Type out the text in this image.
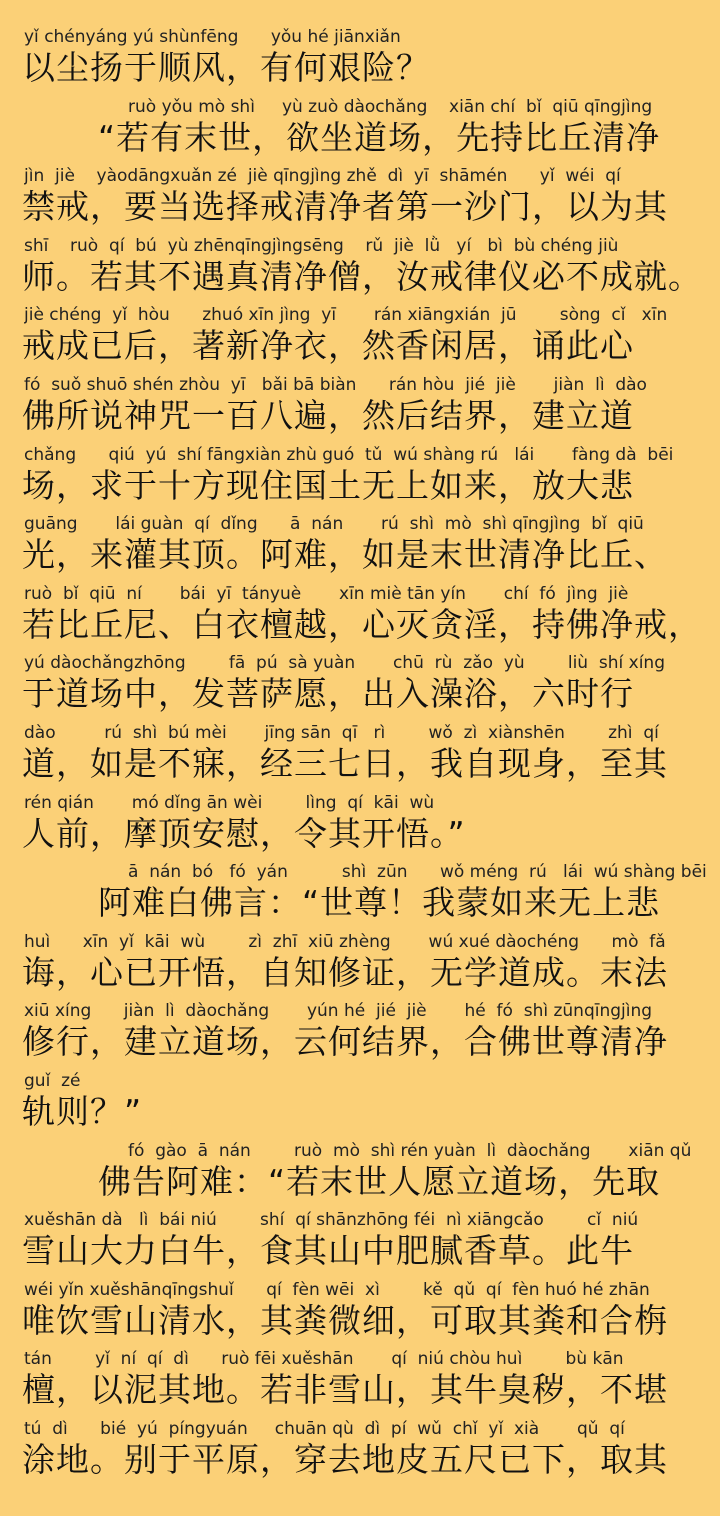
yǐ chényáng yú shùnfēng      yǒu hé jiānxiǎn
以尘扬于顺风，有何艰险？
ruò yǒu mò shì     yù zuò dàochǎng    xiān chí  bǐ  qiū qīngjìng
“若有末世，欲坐道场，先持比丘清净
jìn  jiè    yàodāngxuǎn zé  jiè qīngjìng zhě  dì  yī  shāmén      yǐ  wéi  qí
禁戒，要当选择戒清净者第一沙门，以为其
shī    ruò  qí  bú  yù zhēnqīngjìngsēng    rǔ  jiè  lǜ   yí   bì  bù chéng jiù
师。若其不遇真清净僧，汝戒律仪必不成就。
jiè chéng  yǐ  hòu      zhuó xīn jìng  yī       rán xiāngxián  jū        sòng  cǐ   xīn
戒成已后，著新净衣，然香闲居，诵此心
fó  suǒ shuō shén zhòu  yī   bǎi bā biàn      rán hòu  jié  jiè       jiàn  lì  dào
佛所说神咒一百八遍，然后结界，建立道
chǎng      qiú  yú  shí fāngxiàn zhù guó  tǔ  wú shàng rú   lái       fàng dà  bēi
场，求于十方现住国土无上如来，放大悲
guāng       lái guàn  qí  dǐng      ā  nán       rú  shì  mò  shì qīngjìng  bǐ  qiū
光，来灌其顶。阿难，如是末世清净比丘、
ruò  bǐ  qiū  ní       bái  yī  tányuè       xīn miè tān yín       chí  fó  jìng  jiè
若比丘尼、白衣檀越，心灭贪淫，持佛净戒，
yú dàochǎngzhōng        fā  pú  sà yuàn       chū  rù  zǎo  yù        liù  shí xíng
于道场中，发菩萨愿，出入澡浴，六时行
dào         rú  shì  bú mèi       jīng sān  qī   rì        wǒ  zì  xiànshēn        zhì  qí
道，如是不寐，经三七日，我自现身，至其
rén qián       mó dǐng ān wèi        lìng  qí  kāi  wù
人前，摩顶安慰，令其开悟。”
ā  nán  bó   fó  yán          shì  zūn      wǒ méng  rú   lái  wú shàng bēi
阿难白佛言：“世尊！我蒙如来无上悲
huì      xīn  yǐ  kāi  wù        zì  zhī  xiū zhèng       wú xué dàochéng      mò  fǎ
诲，心已开悟，自知修证，无学道成。末法
xiū xíng      jiàn  lì  dàochǎng       yún hé  jié  jiè       hé  fó  shì zūnqīngjìng
修行，建立道场，云何结界，合佛世尊清净
guǐ  zé
轨则？”
fó  gào  ā  nán        ruò  mò  shì rén yuàn  lì  dàochǎng       xiān qǔ
佛告阿难：“若末世人愿立道场，先取
xuěshān dà   lì  bái niú        shí  qí shānzhōng féi  nì xiāngcǎo        cǐ  niú
雪山大力白牛，食其山中肥腻香草。此牛
wéi yǐn xuěshānqīngshuǐ      qí  fèn wēi  xì        kě  qǔ  qí  fèn huó hé zhān
唯饮雪山清水，其粪微细，可取其粪和合栴
tán        yǐ  ní  qí  dì      ruò fēi xuěshān       qí  niú chòu huì        bù kān
檀，以泥其地。若非雪山，其牛臭秽，不堪
tú  dì      bié  yú  píngyuán     chuān qù  dì  pí  wǔ  chǐ  yǐ  xià       qǔ  qí
涂地。别于平原，穿去地皮五尺已下，取其
